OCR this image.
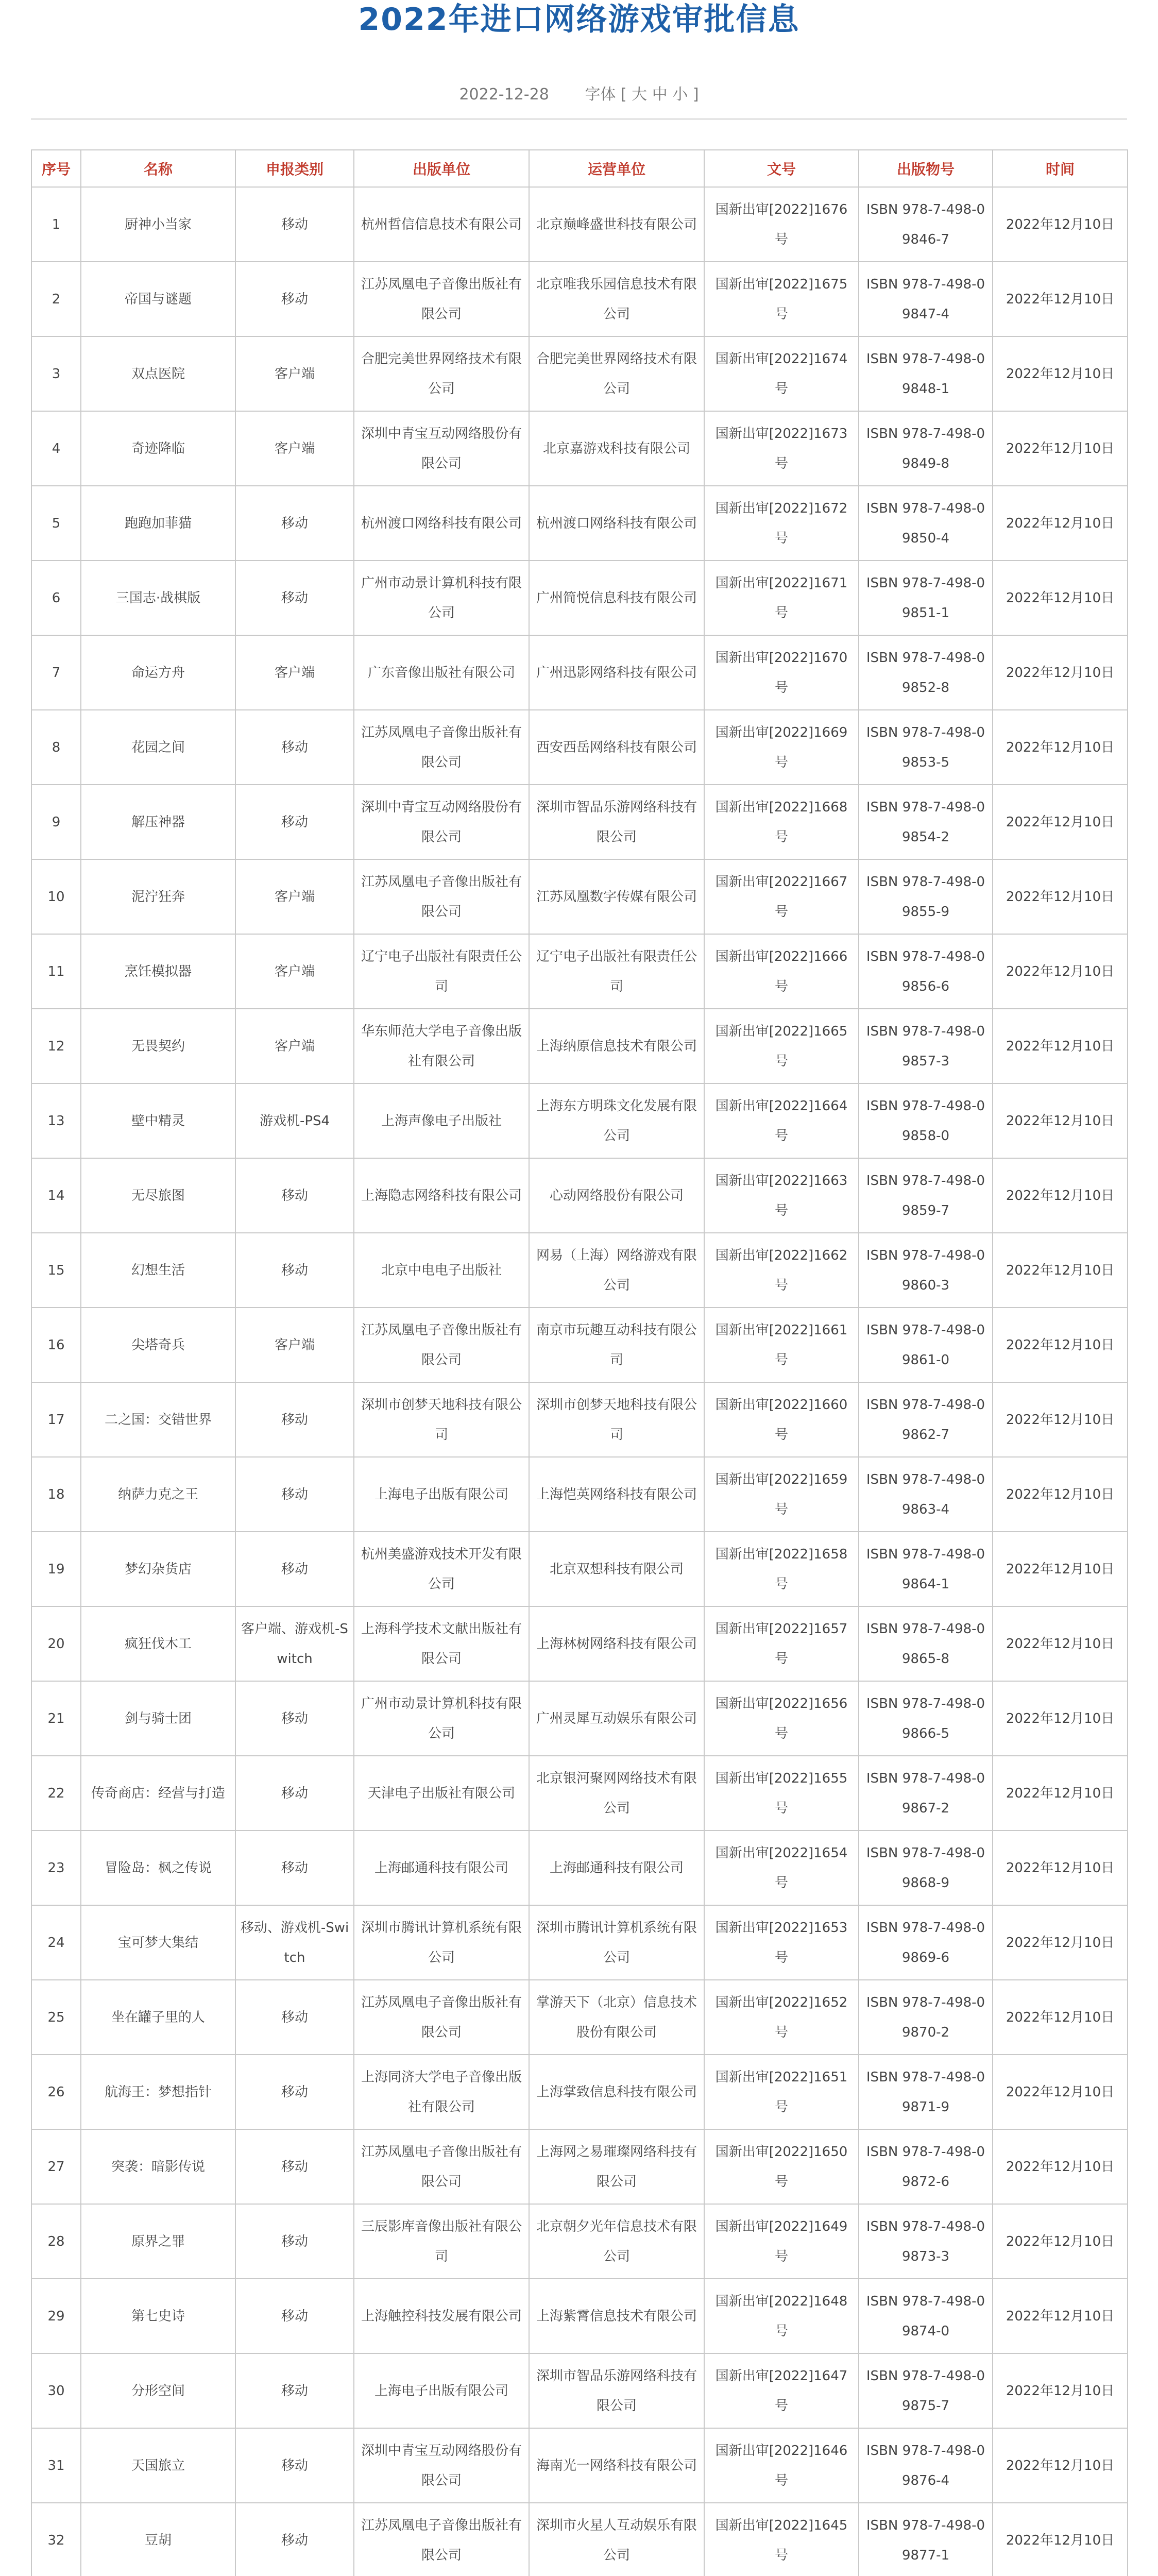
2022年进口网络游戏审批信息
2022-12-28 字体 [ 大 中 小 ]
序号	名称	申报类别	出版单位	运营单位	文号	出版物号	时间
1	厨神小当家	移动	杭州哲信信息技术有限公司	北京巅峰盛世科技有限公司	国新出审[2022]1676号	ISBN 978-7-498-09846-7	2022年12月10日
2	帝国与谜题	移动	江苏凤凰电子音像出版社有限公司	北京唯我乐园信息技术有限公司	国新出审[2022]1675号	ISBN 978-7-498-09847-4	2022年12月10日
3	双点医院	客户端	合肥完美世界网络技术有限公司	合肥完美世界网络技术有限公司	国新出审[2022]1674号	ISBN 978-7-498-09848-1	2022年12月10日
4	奇迹降临	客户端	深圳中青宝互动网络股份有限公司	北京嘉游戏科技有限公司	国新出审[2022]1673号	ISBN 978-7-498-09849-8	2022年12月10日
5	跑跑加菲猫	移动	杭州渡口网络科技有限公司	杭州渡口网络科技有限公司	国新出审[2022]1672号	ISBN 978-7-498-09850-4	2022年12月10日
6	三国志·战棋版	移动	广州市动景计算机科技有限公司	广州简悦信息科技有限公司	国新出审[2022]1671号	ISBN 978-7-498-09851-1	2022年12月10日
7	命运方舟	客户端	广东音像出版社有限公司	广州迅影网络科技有限公司	国新出审[2022]1670号	ISBN 978-7-498-09852-8	2022年12月10日
8	花园之间	移动	江苏凤凰电子音像出版社有限公司	西安西岳网络科技有限公司	国新出审[2022]1669号	ISBN 978-7-498-09853-5	2022年12月10日
9	解压神器	移动	深圳中青宝互动网络股份有限公司	深圳市智品乐游网络科技有限公司	国新出审[2022]1668号	ISBN 978-7-498-09854-2	2022年12月10日
10	泥泞狂奔	客户端	江苏凤凰电子音像出版社有限公司	江苏凤凰数字传媒有限公司	国新出审[2022]1667号	ISBN 978-7-498-09855-9	2022年12月10日
11	烹饪模拟器	客户端	辽宁电子出版社有限责任公司	辽宁电子出版社有限责任公司	国新出审[2022]1666号	ISBN 978-7-498-09856-6	2022年12月10日
12	无畏契约	客户端	华东师范大学电子音像出版社有限公司	上海纳原信息技术有限公司	国新出审[2022]1665号	ISBN 978-7-498-09857-3	2022年12月10日
13	壁中精灵	游戏机-PS4	上海声像电子出版社	上海东方明珠文化发展有限公司	国新出审[2022]1664号	ISBN 978-7-498-09858-0	2022年12月10日
14	无尽旅图	移动	上海隐志网络科技有限公司	心动网络股份有限公司	国新出审[2022]1663号	ISBN 978-7-498-09859-7	2022年12月10日
15	幻想生活	移动	北京中电电子出版社	网易（上海）网络游戏有限公司	国新出审[2022]1662号	ISBN 978-7-498-09860-3	2022年12月10日
16	尖塔奇兵	客户端	江苏凤凰电子音像出版社有限公司	南京市玩趣互动科技有限公司	国新出审[2022]1661号	ISBN 978-7-498-09861-0	2022年12月10日
17	二之国：交错世界	移动	深圳市创梦天地科技有限公司	深圳市创梦天地科技有限公司	国新出审[2022]1660号	ISBN 978-7-498-09862-7	2022年12月10日
18	纳萨力克之王	移动	上海电子出版有限公司	上海恺英网络科技有限公司	国新出审[2022]1659号	ISBN 978-7-498-09863-4	2022年12月10日
19	梦幻杂货店	移动	杭州美盛游戏技术开发有限公司	北京双想科技有限公司	国新出审[2022]1658号	ISBN 978-7-498-09864-1	2022年12月10日
20	疯狂伐木工	客户端、游戏机-Switch	上海科学技术文献出版社有限公司	上海林树网络科技有限公司	国新出审[2022]1657号	ISBN 978-7-498-09865-8	2022年12月10日
21	剑与骑士团	移动	广州市动景计算机科技有限公司	广州灵犀互动娱乐有限公司	国新出审[2022]1656号	ISBN 978-7-498-09866-5	2022年12月10日
22	传奇商店：经营与打造	移动	天津电子出版社有限公司	北京银河聚网网络技术有限公司	国新出审[2022]1655号	ISBN 978-7-498-09867-2	2022年12月10日
23	冒险岛：枫之传说	移动	上海邮通科技有限公司	上海邮通科技有限公司	国新出审[2022]1654号	ISBN 978-7-498-09868-9	2022年12月10日
24	宝可梦大集结	移动、游戏机-Switch	深圳市腾讯计算机系统有限公司	深圳市腾讯计算机系统有限公司	国新出审[2022]1653号	ISBN 978-7-498-09869-6	2022年12月10日
25	坐在罐子里的人	移动	江苏凤凰电子音像出版社有限公司	掌游天下（北京）信息技术股份有限公司	国新出审[2022]1652号	ISBN 978-7-498-09870-2	2022年12月10日
26	航海王：梦想指针	移动	上海同济大学电子音像出版社有限公司	上海掌致信息科技有限公司	国新出审[2022]1651号	ISBN 978-7-498-09871-9	2022年12月10日
27	突袭：暗影传说	移动	江苏凤凰电子音像出版社有限公司	上海网之易璀璨网络科技有限公司	国新出审[2022]1650号	ISBN 978-7-498-09872-6	2022年12月10日
28	原界之罪	移动	三辰影库音像出版社有限公司	北京朝夕光年信息技术有限公司	国新出审[2022]1649号	ISBN 978-7-498-09873-3	2022年12月10日
29	第七史诗	移动	上海触控科技发展有限公司	上海紫霄信息技术有限公司	国新出审[2022]1648号	ISBN 978-7-498-09874-0	2022年12月10日
30	分形空间	移动	上海电子出版有限公司	深圳市智品乐游网络科技有限公司	国新出审[2022]1647号	ISBN 978-7-498-09875-7	2022年12月10日
31	天国旅立	移动	深圳中青宝互动网络股份有限公司	海南光一网络科技有限公司	国新出审[2022]1646号	ISBN 978-7-498-09876-4	2022年12月10日
32	豆胡	移动	江苏凤凰电子音像出版社有限公司	深圳市火星人互动娱乐有限公司	国新出审[2022]1645号	ISBN 978-7-498-09877-1	2022年12月10日
